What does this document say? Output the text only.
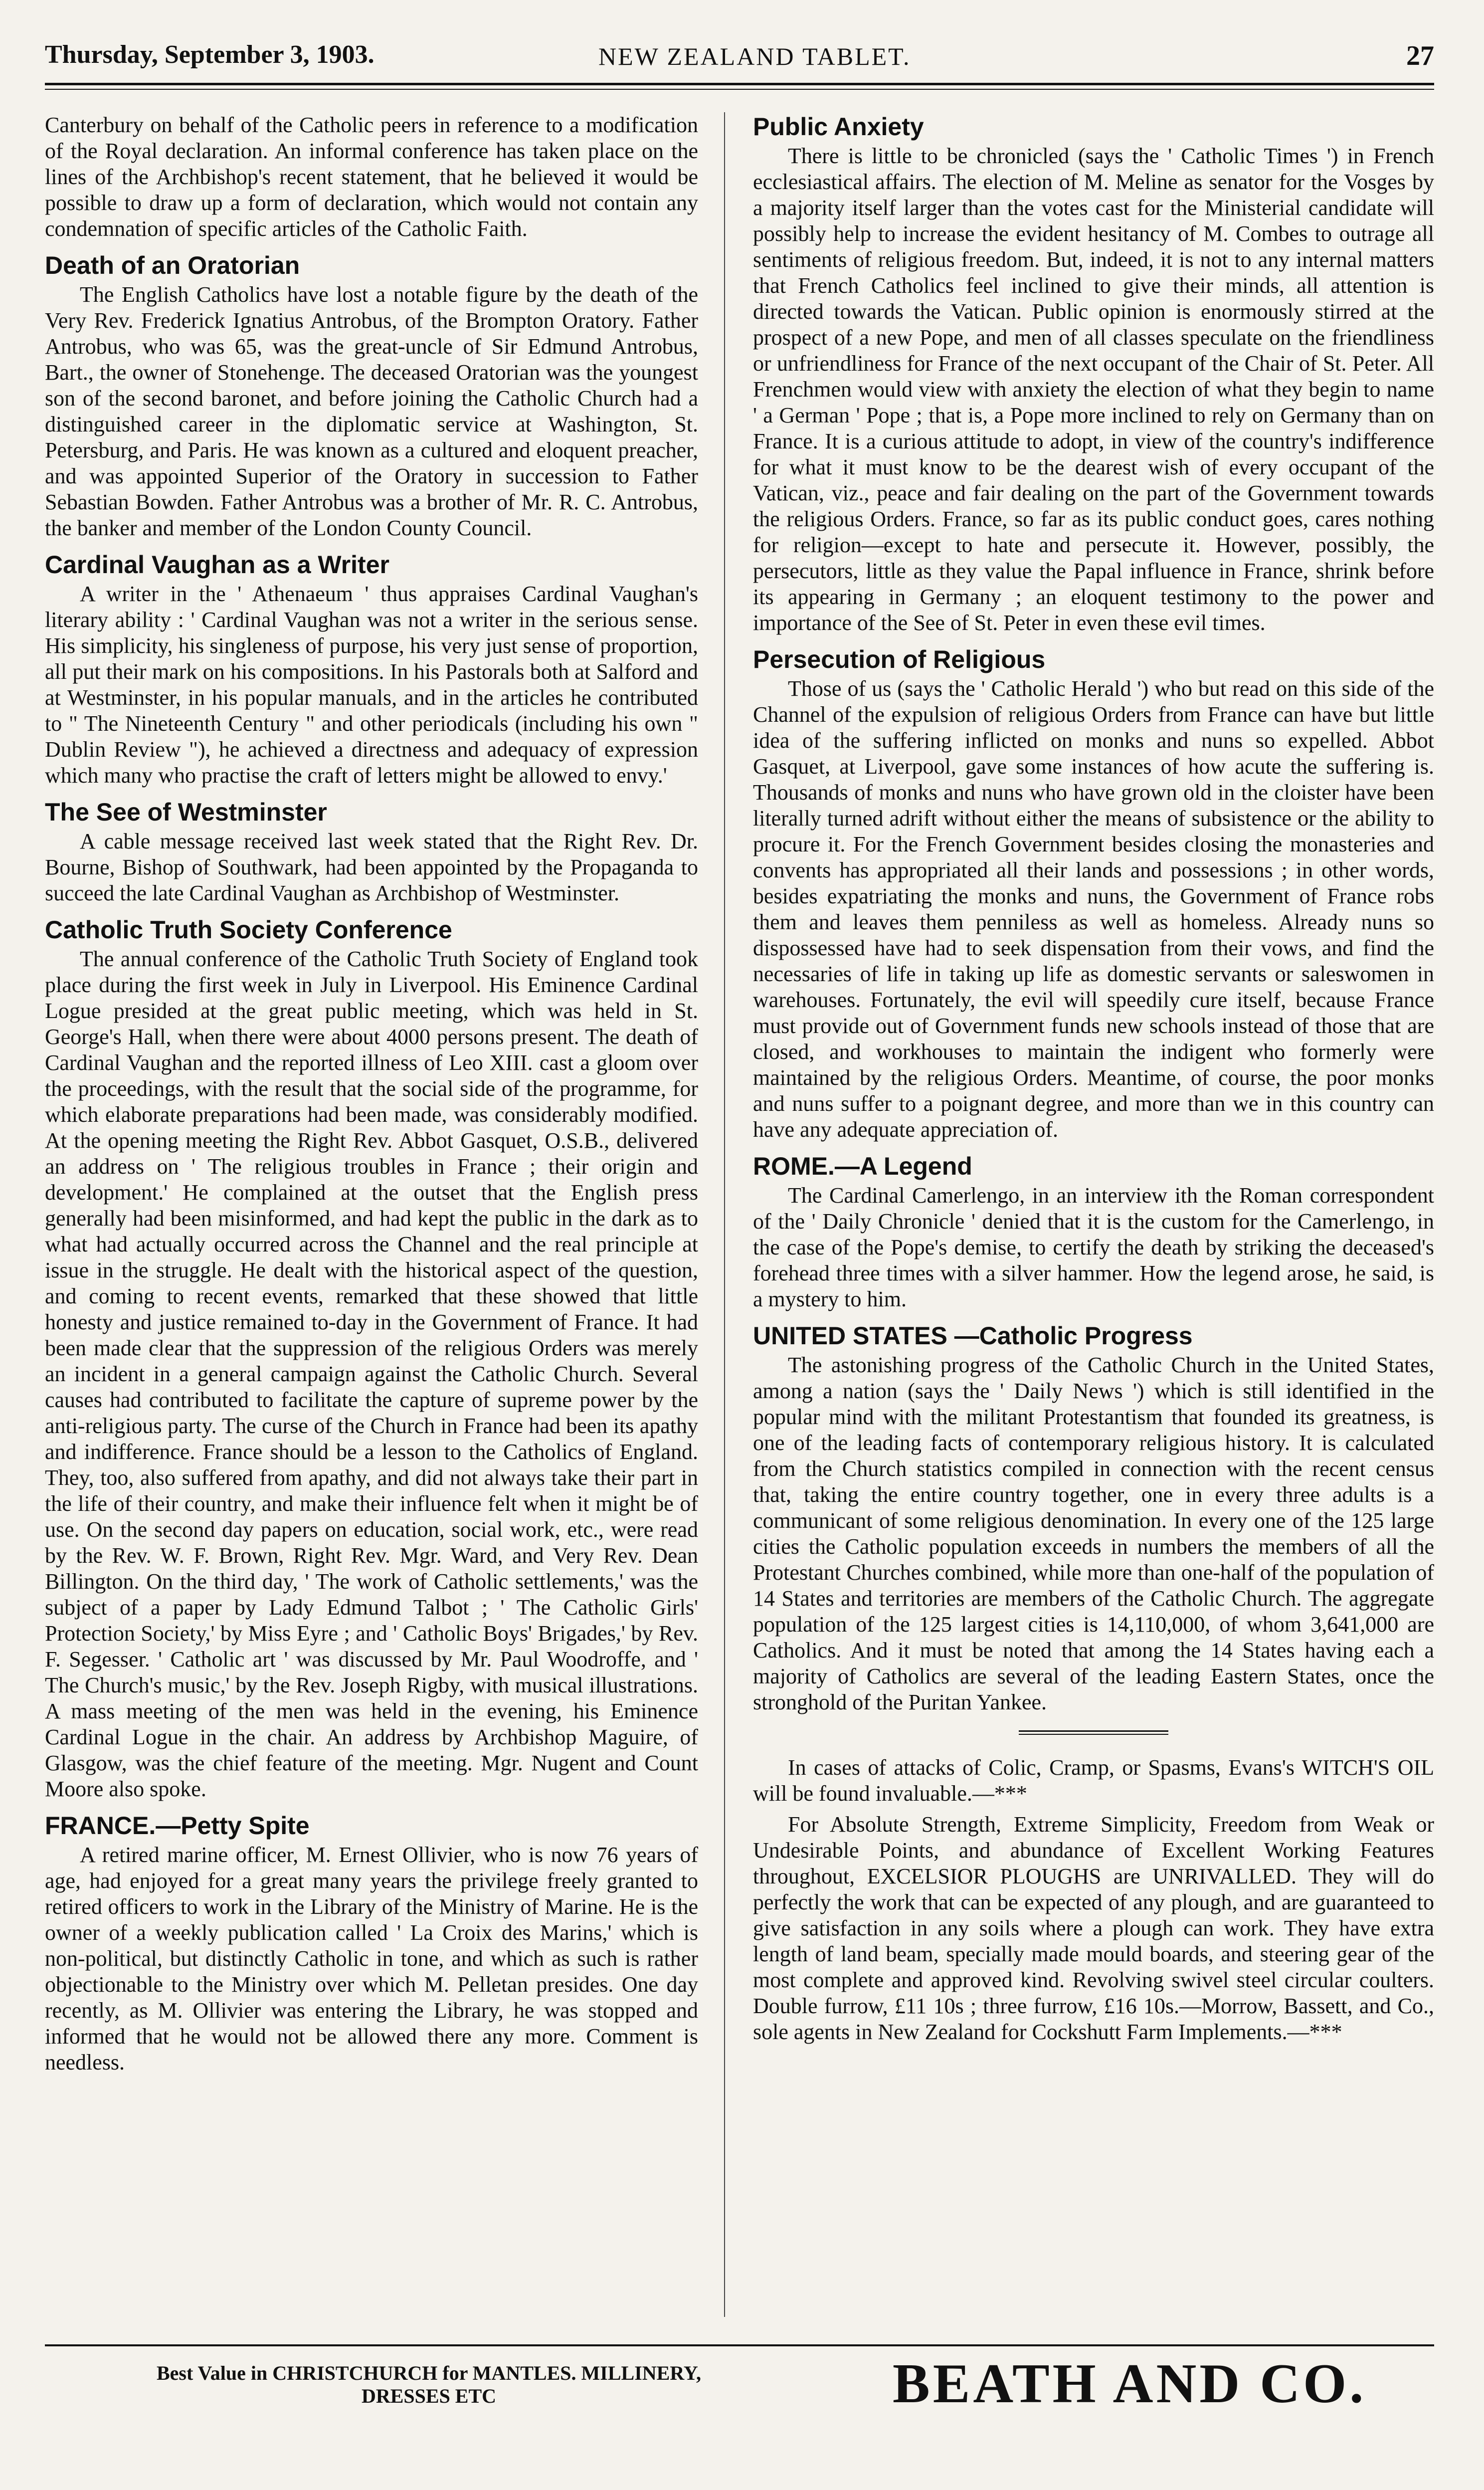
Thursday, September 3, 1903.	NEW ZEALAND TABLET.	27

Canterbury on behalf of the Catholic peers in reference to a modification of the Royal declaration. An informal conference has taken place on the lines of the Archbishop's recent statement, that he believed it would be possible to draw up a form of declaration, which would not contain any condemnation of specific articles of the Catholic Faith.

Death of an Oratorian

The English Catholics have lost a notable figure by the death of the Very Rev. Frederick Ignatius Antrobus, of the Brompton Oratory. Father Antrobus, who was 65, was the great-uncle of Sir Edmund Antrobus, Bart., the owner of Stonehenge. The deceased Oratorian was the youngest son of the second baronet, and before joining the Catholic Church had a distinguished career in the diplomatic service at Washington, St. Petersburg, and Paris. He was known as a cultured and eloquent preacher, and was appointed Superior of the Oratory in succession to Father Sebastian Bowden. Father Antrobus was a brother of Mr. R. C. Antrobus, the banker and member of the London County Council.

Cardinal Vaughan as a Writer

A writer in the ' Athenaeum ' thus appraises Cardinal Vaughan's literary ability : ' Cardinal Vaughan was not a writer in the serious sense. His simplicity, his singleness of purpose, his very just sense of proportion, all put their mark on his compositions. In his Pastorals both at Salford and at Westminster, in his popular manuals, and in the articles he contributed to " The Nineteenth Century " and other periodicals (including his own " Dublin Review "), he achieved a directness and adequacy of expression which many who practise the craft of letters might be allowed to envy.'

The See of Westminster

A cable message received last week stated that the Right Rev. Dr. Bourne, Bishop of Southwark, had been appointed by the Propaganda to succeed the late Cardinal Vaughan as Archbishop of Westminster.

Catholic Truth Society Conference

The annual conference of the Catholic Truth Society of England took place during the first week in July in Liverpool. His Eminence Cardinal Logue presided at the great public meeting, which was held in St. George's Hall, when there were about 4000 persons present. The death of Cardinal Vaughan and the reported illness of Leo XIII. cast a gloom over the proceedings, with the result that the social side of the programme, for which elaborate preparations had been made, was considerably modified. At the opening meeting the Right Rev. Abbot Gasquet, O.S.B., delivered an address on ' The religious troubles in France ; their origin and development.' He complained at the outset that the English press generally had been misinformed, and had kept the public in the dark as to what had actually occurred across the Channel and the real principle at issue in the struggle. He dealt with the historical aspect of the question, and coming to recent events, remarked that these showed that little honesty and justice remained to-day in the Government of France. It had been made clear that the suppression of the religious Orders was merely an incident in a general campaign against the Catholic Church. Several causes had contributed to facilitate the capture of supreme power by the anti-religious party. The curse of the Church in France had been its apathy and indifference. France should be a lesson to the Catholics of England. They, too, also suffered from apathy, and did not always take their part in the life of their country, and make their influence felt when it might be of use. On the second day papers on education, social work, etc., were read by the Rev. W. F. Brown, Right Rev. Mgr. Ward, and Very Rev. Dean Billington. On the third day, ' The work of Catholic settlements,' was the subject of a paper by Lady Edmund Talbot ; ' The Catholic Girls' Protection Society,' by Miss Eyre ; and ' Catholic Boys' Brigades,' by Rev. F. Segesser. ' Catholic art ' was discussed by Mr. Paul Woodroffe, and ' The Church's music,' by the Rev. Joseph Rigby, with musical illustrations. A mass meeting of the men was held in the evening, his Eminence Cardinal Logue in the chair. An address by Archbishop Maguire, of Glasgow, was the chief feature of the meeting. Mgr. Nugent and Count Moore also spoke.

FRANCE.—Petty Spite

A retired marine officer, M. Ernest Ollivier, who is now 76 years of age, had enjoyed for a great many years the privilege freely granted to retired officers to work in the Library of the Ministry of Marine. He is the owner of a weekly publication called ' La Croix des Marins,' which is non-political, but distinctly Catholic in tone, and which as such is rather objectionable to the Ministry over which M. Pelletan presides. One day recently, as M. Ollivier was entering the Library, he was stopped and informed that he would not be allowed there any more. Comment is needless.

Public Anxiety

There is little to be chronicled (says the ' Catholic Times ') in French ecclesiastical affairs. The election of M. Meline as senator for the Vosges by a majority itself larger than the votes cast for the Ministerial candidate will possibly help to increase the evident hesitancy of M. Combes to outrage all sentiments of religious freedom. But, indeed, it is not to any internal matters that French Catholics feel inclined to give their minds, all attention is directed towards the Vatican. Public opinion is enormously stirred at the prospect of a new Pope, and men of all classes speculate on the friendliness or unfriendliness for France of the next occupant of the Chair of St. Peter. All Frenchmen would view with anxiety the election of what they begin to name ' a German ' Pope ; that is, a Pope more inclined to rely on Germany than on France. It is a curious attitude to adopt, in view of the country's indifference for what it must know to be the dearest wish of every occupant of the Vatican, viz., peace and fair dealing on the part of the Government towards the religious Orders. France, so far as its public conduct goes, cares nothing for religion—except to hate and persecute it. However, possibly, the persecutors, little as they value the Papal influence in France, shrink before its appearing in Germany ; an eloquent testimony to the power and importance of the See of St. Peter in even these evil times.

Persecution of Religious

Those of us (says the ' Catholic Herald ') who but read on this side of the Channel of the expulsion of religious Orders from France can have but little idea of the suffering inflicted on monks and nuns so expelled. Abbot Gasquet, at Liverpool, gave some instances of how acute the suffering is. Thousands of monks and nuns who have grown old in the cloister have been literally turned adrift without either the means of subsistence or the ability to procure it. For the French Government besides closing the monasteries and convents has appropriated all their lands and possessions ; in other words, besides expatriating the monks and nuns, the Government of France robs them and leaves them penniless as well as homeless. Already nuns so dispossessed have had to seek dispensation from their vows, and find the necessaries of life in taking up life as domestic servants or saleswomen in warehouses. Fortunately, the evil will speedily cure itself, because France must provide out of Government funds new schools instead of those that are closed, and workhouses to maintain the indigent who formerly were maintained by the religious Orders. Meantime, of course, the poor monks and nuns suffer to a poignant degree, and more than we in this country can have any adequate appreciation of.

ROME.—A Legend

The Cardinal Camerlengo, in an interview ith the Roman correspondent of the ' Daily Chronicle ' denied that it is the custom for the Camerlengo, in the case of the Pope's demise, to certify the death by striking the deceased's forehead three times with a silver hammer. How the legend arose, he said, is a mystery to him.

UNITED STATES —Catholic Progress

The astonishing progress of the Catholic Church in the United States, among a nation (says the ' Daily News ') which is still identified in the popular mind with the militant Protestantism that founded its greatness, is one of the leading facts of contemporary religious history. It is calculated from the Church statistics compiled in connection with the recent census that, taking the entire country together, one in every three adults is a communicant of some religious denomination. In every one of the 125 large cities the Catholic population exceeds in numbers the members of all the Protestant Churches combined, while more than one-half of the population of 14 States and territories are members of the Catholic Church. The aggregate population of the 125 largest cities is 14,110,000, of whom 3,641,000 are Catholics. And it must be noted that among the 14 States having each a majority of Catholics are several of the leading Eastern States, once the stronghold of the Puritan Yankee.

In cases of attacks of Colic, Cramp, or Spasms, Evans's WITCH'S OIL will be found invaluable.—***

For Absolute Strength, Extreme Simplicity, Freedom from Weak or Undesirable Points, and abundance of Excellent Working Features throughout, EXCELSIOR PLOUGHS are UNRIVALLED. They will do perfectly the work that can be expected of any plough, and are guaranteed to give satisfaction in any soils where a plough can work. They have extra length of land beam, specially made mould boards, and steering gear of the most complete and approved kind. Revolving swivel steel circular coulters. Double furrow, £11 10s ; three furrow, £16 10s.—Morrow, Bassett, and Co., sole agents in New Zealand for Cockshutt Farm Implements.—***

Best Value in CHRISTCHURCH for MANTLES. MILLINERY, DRESSES ETC	BEATH AND CO.
